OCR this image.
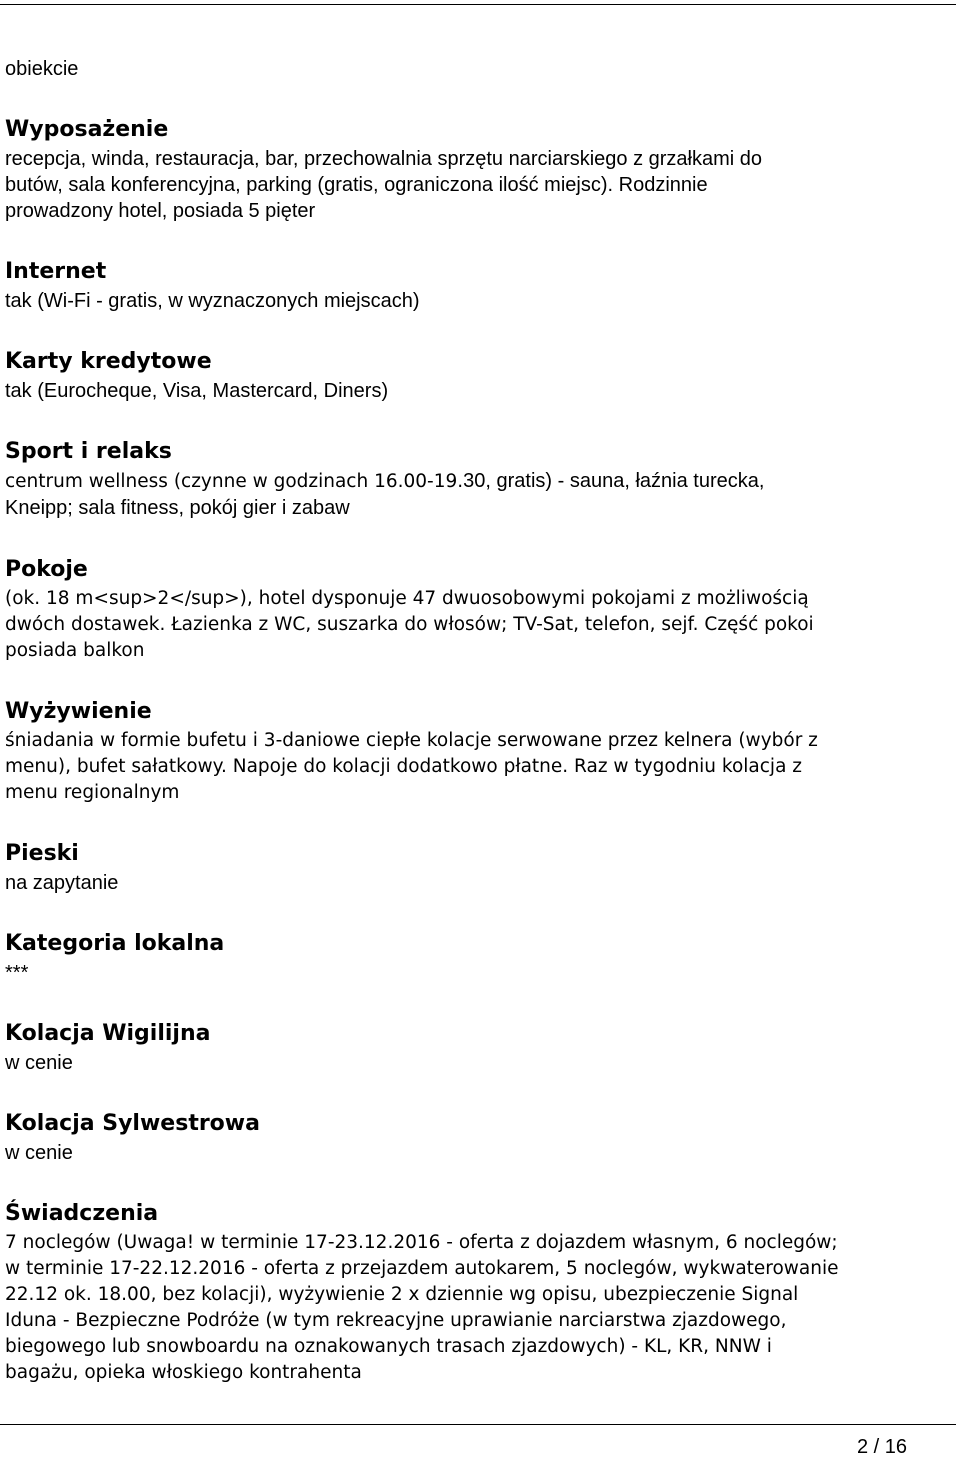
obiekcie

Wyposażenie

recepcja, winda, restauracja, bar, przechowalnia sprzętu narciarskiego z grzałkami do
butów, sala konferencyjna, parking (gratis, ograniczona ilość miejsc). Rodzinnie
prowadzony hotel, posiada 5 pięter

Internet

tak (Wi-Fi - gratis, w wyznaczonych miejscach)

Karty kredytowe

tak (Eurocheque, Visa, Mastercard, Diners)

Sport i relaks

centrum wellness (czynne w godzinach 16.00-19.30, gratis) - sauna, łaźnia turecka,
Kneipp; sala fitness, pokój gier i zabaw

Pokoje

(ok. 18 m<sup>2</sup>), hotel dysponuje 47 dwuosobowymi pokojami z możliwością
dwóch dostawek. Łazienka z WC, suszarka do włosów; TV-Sat, telefon, sejf. Część pokoi
posiada balkon

Wyżywienie

śniadania w formie bufetu i 3-daniowe ciepłe kolacje serwowane przez kelnera (wybór z
menu), bufet sałatkowy. Napoje do kolacji dodatkowo płatne. Raz w tygodniu kolacja z
menu regionalnym

Pieski

na zapytanie

Kategoria lokalna

***

Kolacja Wigilijna

w cenie

Kolacja Sylwestrowa

w cenie

Świadczenia

7 noclegów (Uwaga! w terminie 17-23.12.2016 - oferta z dojazdem własnym, 6 noclegów;
w terminie 17-22.12.2016 - oferta z przejazdem autokarem, 5 noclegów, wykwaterowanie
22.12 ok. 18.00, bez kolacji), wyżywienie 2 x dziennie wg opisu, ubezpieczenie Signal
Iduna - Bezpieczne Podróże (w tym rekreacyjne uprawianie narciarstwa zjazdowego,
biegowego lub snowboardu na oznakowanych trasach zjazdowych) - KL, KR, NNW i
bagażu, opieka włoskiego kontrahenta

2 / 16
